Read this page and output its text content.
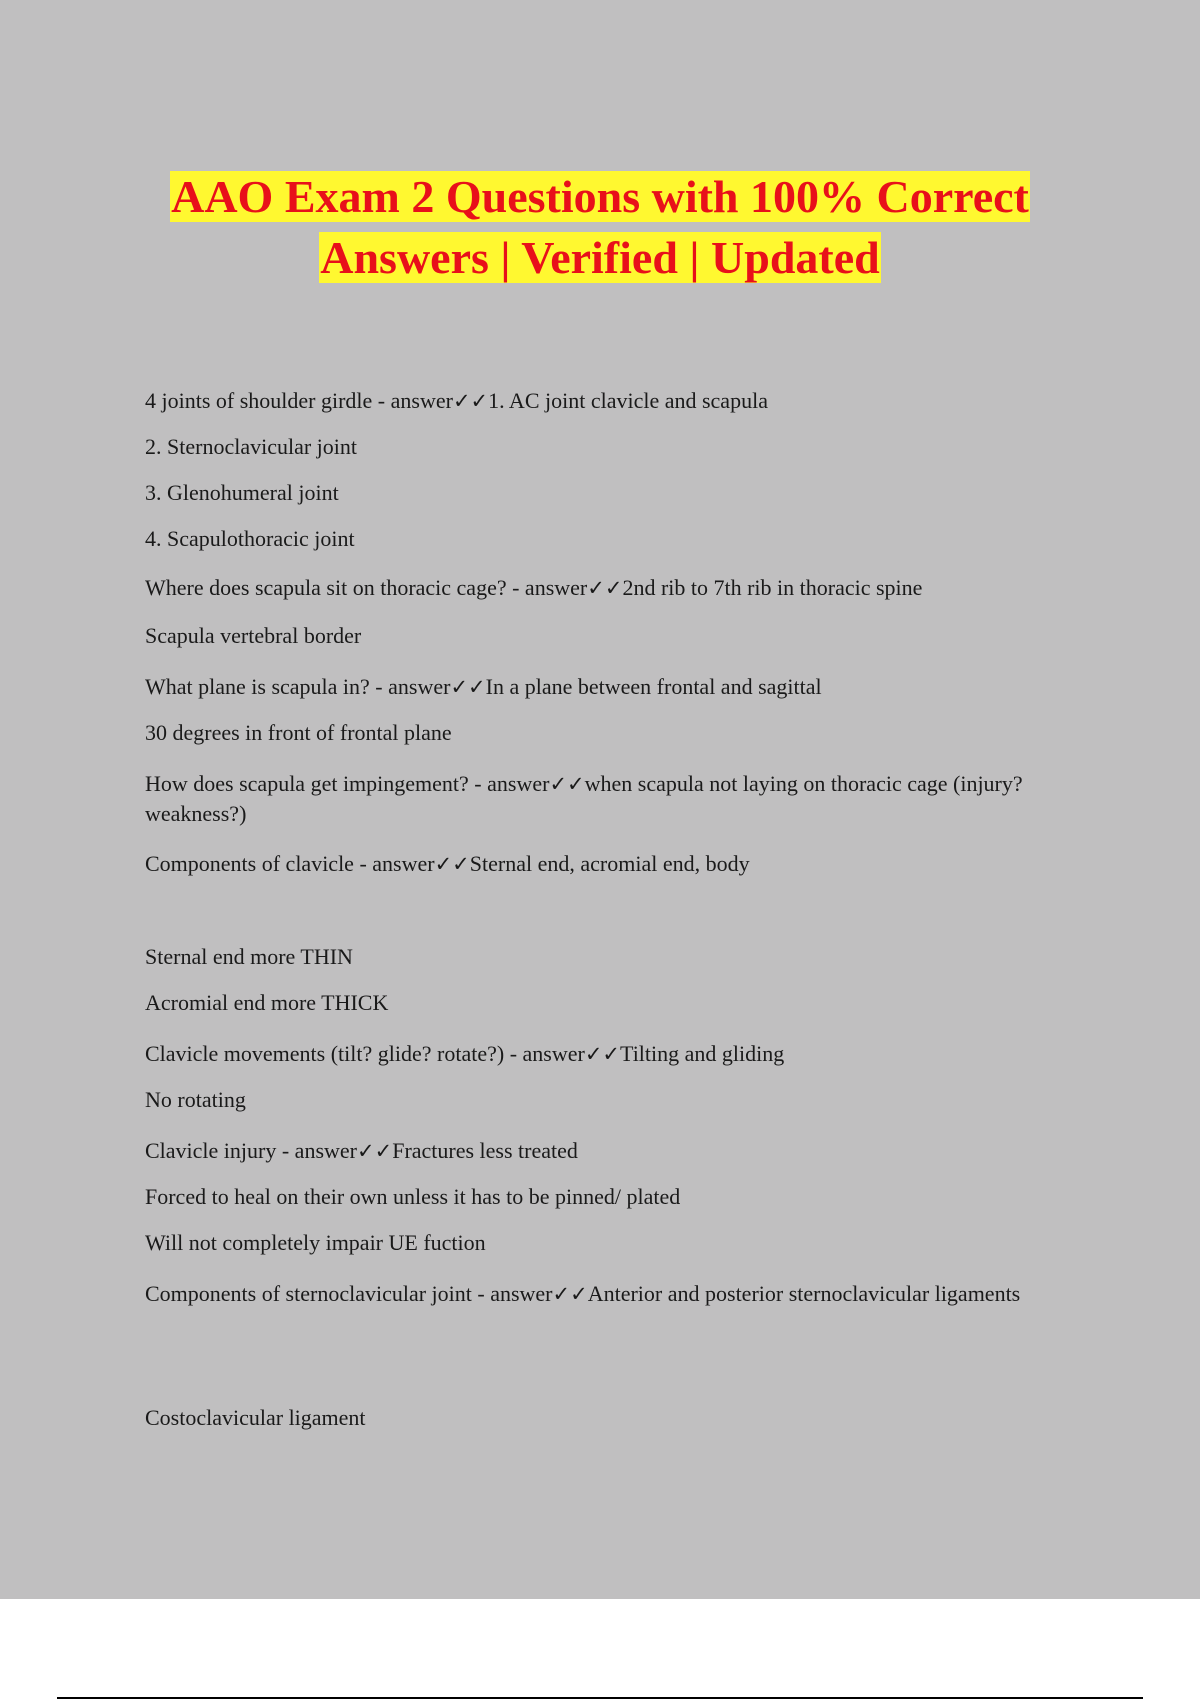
AAO Exam 2 Questions with 100% Correct
Answers | Verified | Updated

4 joints of shoulder girdle - answer✓✓1. AC joint clavicle and scapula

2. Sternoclavicular joint

3. Glenohumeral joint

4. Scapulothoracic joint

Where does scapula sit on thoracic cage? - answer✓✓2nd rib to 7th rib in thoracic spine

Scapula vertebral border

What plane is scapula in? - answer✓✓In a plane between frontal and sagittal

30 degrees in front of frontal plane

How does scapula get impingement? - answer✓✓when scapula not laying on thoracic cage (injury? weakness?)

Components of clavicle - answer✓✓Sternal end, acromial end, body

Sternal end more THIN

Acromial end more THICK

Clavicle movements (tilt? glide? rotate?) - answer✓✓Tilting and gliding

No rotating

Clavicle injury - answer✓✓Fractures less treated

Forced to heal on their own unless it has to be pinned/ plated

Will not completely impair UE fuction

Components of sternoclavicular joint - answer✓✓Anterior and posterior sternoclavicular ligaments

Costoclavicular ligament
